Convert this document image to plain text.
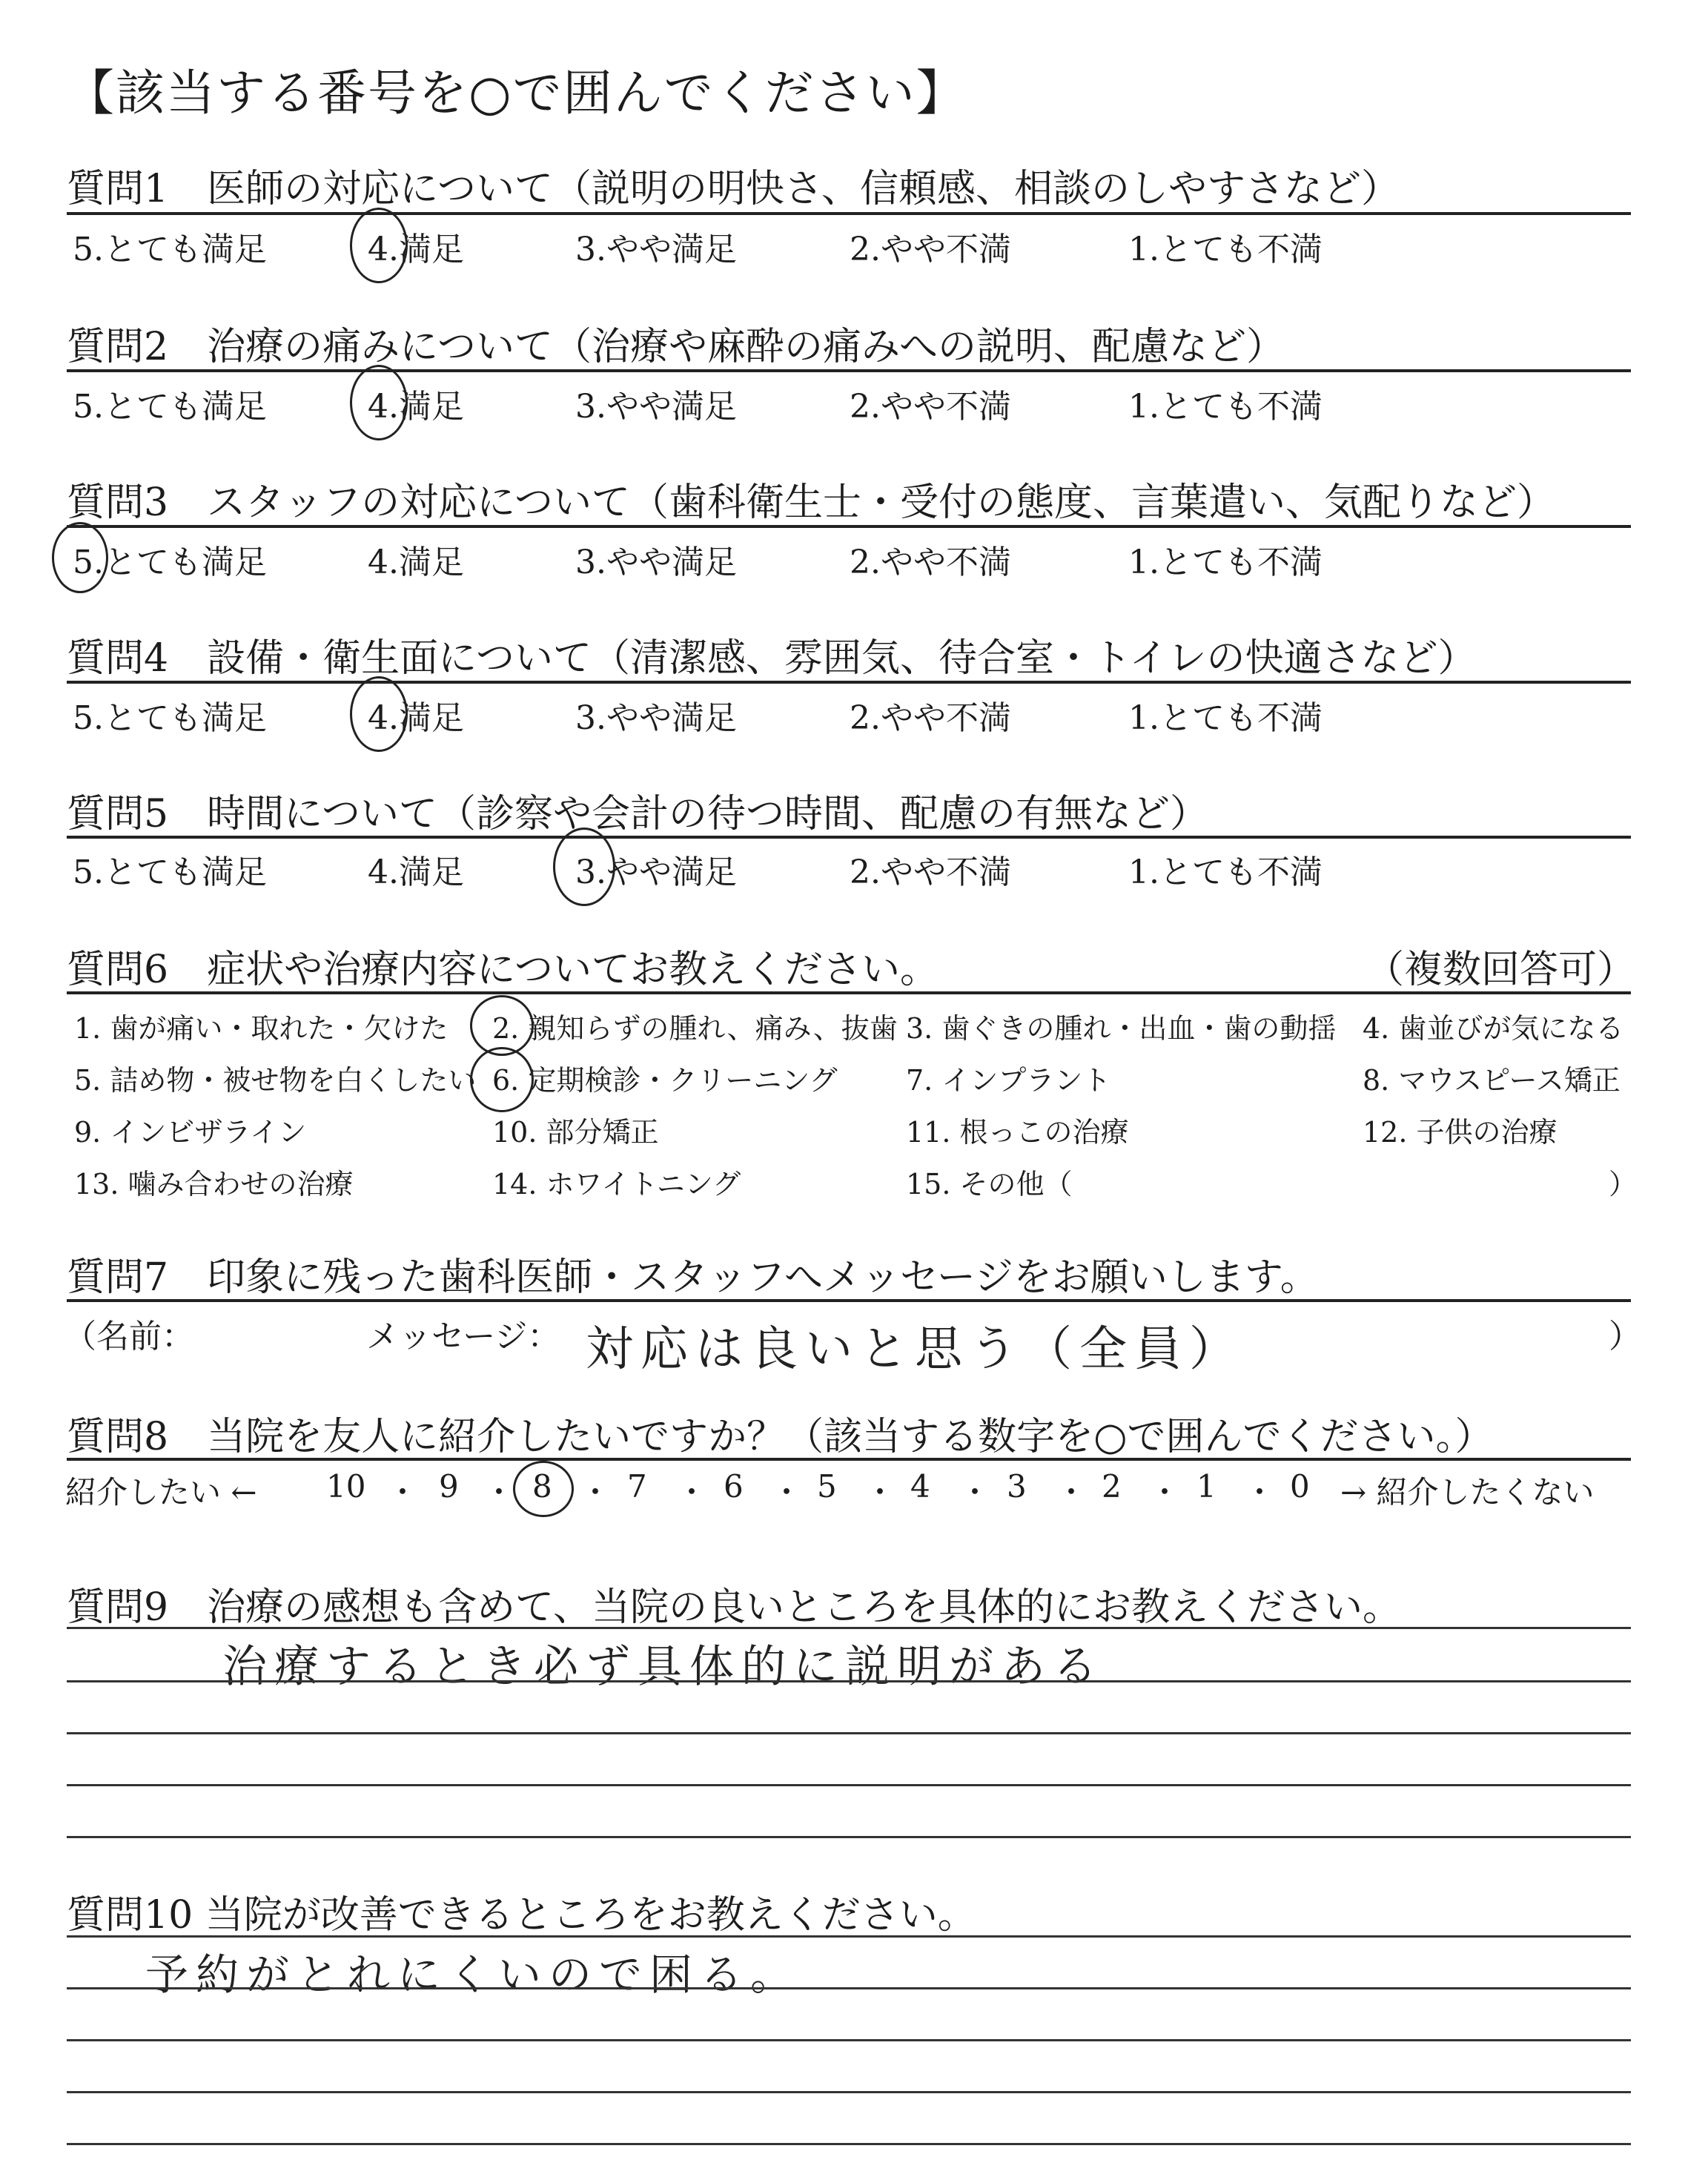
【該当する番号を○で囲んでください】
質問1　医師の対応について（説明の明快さ、信頼感、相談のしやすさなど）
5.とても満足	4.満足	3.やや満足	2.やや不満	1.とても不満
質問2　治療の痛みについて（治療や麻酔の痛みへの説明、配慮など）
5.とても満足	4.満足	3.やや満足	2.やや不満	1.とても不満
質問3　スタッフの対応について（歯科衛生士・受付の態度、言葉遣い、気配りなど）
5.とても満足	4.満足	3.やや満足	2.やや不満	1.とても不満
質問4　設備・衛生面について（清潔感、雰囲気、待合室・トイレの快適さなど）
5.とても満足	4.満足	3.やや満足	2.やや不満	1.とても不満
質問5　時間について（診察や会計の待つ時間、配慮の有無など）
5.とても満足	4.満足	3.やや満足	2.やや不満	1.とても不満
質問6　症状や治療内容についてお教えください。	（複数回答可）
1. 歯が痛い・取れた・欠けた 2. 親知らずの腫れ、痛み、抜歯 3. 歯ぐきの腫れ・出血・歯の動揺 4. 歯並びが気になる
5. 詰め物・被せ物を白くしたい 6. 定期検診・クリーニング 7. インプラント	8. マウスピース矯正
9. インビザライン	10. 部分矯正	11. 根っこの治療	12. 子供の治療
13. 噛み合わせの治療	14. ホワイトニング	15. その他（	）
質問7　印象に残った歯科医師・スタッフへメッセージをお願いします。
（名前：	メッセージ： 対応は良いと思う（全員）	）
質問8　当院を友人に紹介したいですか？（該当する数字を○で囲んでください。）
紹介したい ← 10 ・ 9 ・ 8 ・ 7 ・ 6 ・ 5 ・ 4 ・ 3 ・ 2 ・ 1 ・ 0 → 紹介したくない
質問9　治療の感想も含めて、当院の良いところを具体的にお教えください。
治療するとき必ず具体的に説明がある
質問10 当院が改善できるところをお教えください。
予約がとれにくいので困る。
